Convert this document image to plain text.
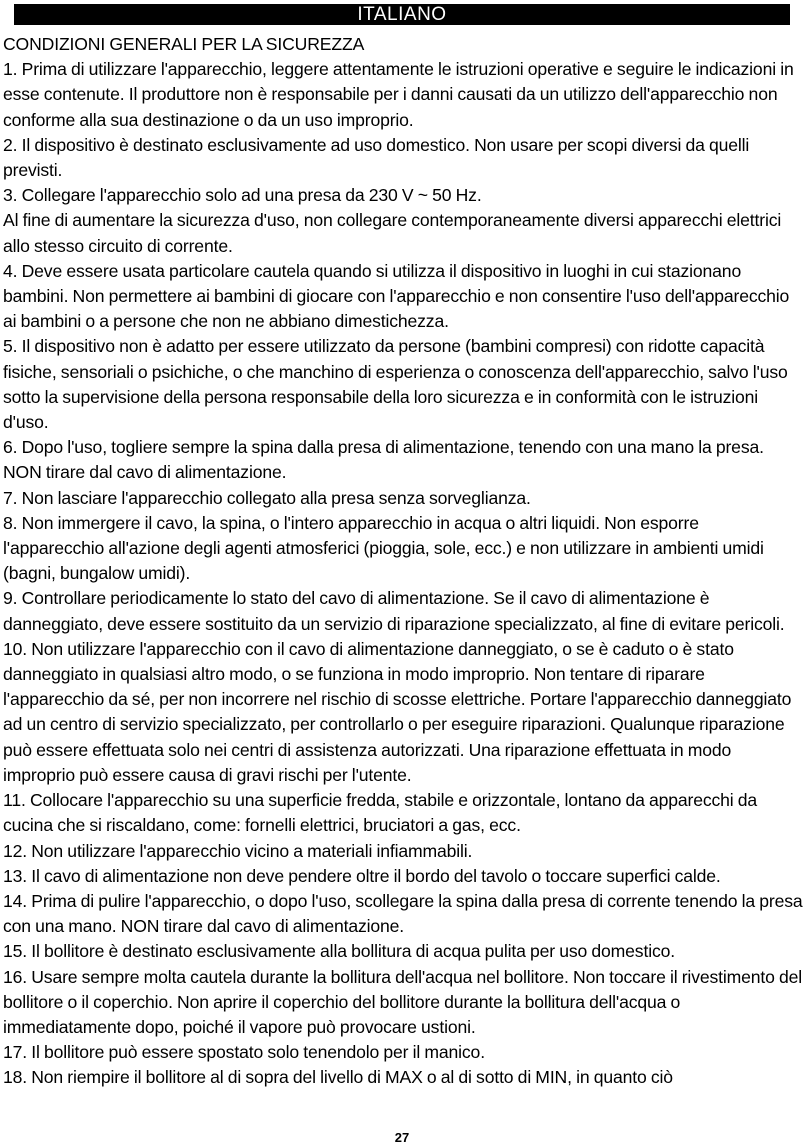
ITALIANO

CONDIZIONI GENERALI PER LA SICUREZZA

1. Prima di utilizzare l'apparecchio, leggere attentamente le istruzioni operative e seguire le indicazioni in esse contenute. Il produttore non è responsabile per i danni causati da un utilizzo dell'apparecchio non conforme alla sua destinazione o da un uso improprio.

2. Il dispositivo è destinato esclusivamente ad uso domestico. Non usare per scopi diversi da quelli previsti.

3. Collegare l'apparecchio solo ad una presa da 230 V ~ 50 Hz.

Al fine di aumentare la sicurezza d'uso, non collegare contemporaneamente diversi apparecchi elettrici allo stesso circuito di corrente.

4. Deve essere usata particolare cautela quando si utilizza il dispositivo in luoghi in cui stazionano bambini. Non permettere ai bambini di giocare con l'apparecchio e non consentire l'uso dell'apparecchio ai bambini o a persone che non ne abbiano dimestichezza.

5. Il dispositivo non è adatto per essere utilizzato da persone (bambini compresi) con ridotte capacità fisiche, sensoriali o psichiche, o che manchino di esperienza o conoscenza dell'apparecchio, salvo l'uso sotto la supervisione della persona responsabile della loro sicurezza e in conformità con le istruzioni d'uso.

6. Dopo l'uso, togliere sempre la spina dalla presa di alimentazione, tenendo con una mano la presa. NON tirare dal cavo di alimentazione.

7. Non lasciare l'apparecchio collegato alla presa senza sorveglianza.

8. Non immergere il cavo, la spina, o l'intero apparecchio in acqua o altri liquidi. Non esporre l'apparecchio all'azione degli agenti atmosferici (pioggia, sole, ecc.) e non utilizzare in ambienti umidi (bagni, bungalow umidi).

9. Controllare periodicamente lo stato del cavo di alimentazione. Se il cavo di alimentazione è danneggiato, deve essere sostituito da un servizio di riparazione specializzato, al fine di evitare pericoli.

10. Non utilizzare l'apparecchio con il cavo di alimentazione danneggiato, o se è caduto o è stato danneggiato in qualsiasi altro modo, o se funziona in modo improprio. Non tentare di riparare l'apparecchio da sé, per non incorrere nel rischio di scosse elettriche. Portare l'apparecchio danneggiato ad un centro di servizio specializzato, per controllarlo o per eseguire riparazioni. Qualunque riparazione può essere effettuata solo nei centri di assistenza autorizzati. Una riparazione effettuata in modo improprio può essere causa di gravi rischi per l'utente.

11. Collocare l'apparecchio su una superficie fredda, stabile e orizzontale, lontano da apparecchi da cucina che si riscaldano, come: fornelli elettrici, bruciatori a gas, ecc.

12. Non utilizzare l'apparecchio vicino a materiali infiammabili.

13. Il cavo di alimentazione non deve pendere oltre il bordo del tavolo o toccare superfici calde.

14. Prima di pulire l'apparecchio, o dopo l'uso, scollegare la spina dalla presa di corrente tenendo la presa con una mano. NON tirare dal cavo di alimentazione.

15. Il bollitore è destinato esclusivamente alla bollitura di acqua pulita per uso domestico.

16. Usare sempre molta cautela durante la bollitura dell'acqua nel bollitore. Non toccare il rivestimento del bollitore o il coperchio. Non aprire il coperchio del bollitore durante la bollitura dell'acqua o immediatamente dopo, poiché il vapore può provocare ustioni.

17. Il bollitore può essere spostato solo tenendolo per il manico.

18. Non riempire il bollitore al di sopra del livello di MAX o al di sotto di MIN, in quanto ciò

27
